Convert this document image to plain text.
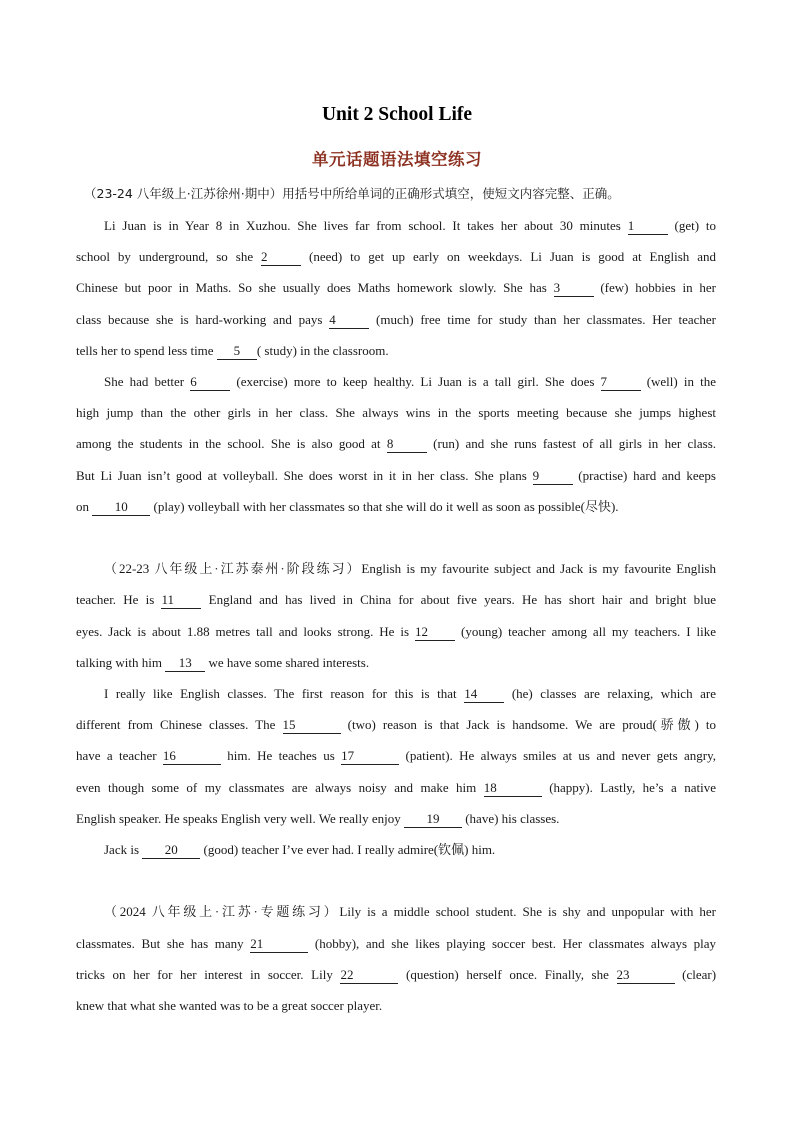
Unit 2 School Life
单元话题语法填空练习
（23-24 八年级上·江苏徐州·期中）用括号中所给单词的正确形式填空，使短文内容完整、正确。
Li Juan is in Year 8 in Xuzhou. She lives far from school. It takes her about 30 minutes 1	(get) to
school by underground, so she 2	(need) to get up early on weekdays. Li Juan is good at English and
Chinese but poor in Maths. So she usually does Maths homework slowly. She has 3	(few) hobbies in her
class because she is hard-working and pays 4	(much) free time for study than her classmates. Her teacher
tells her to spend less time 5 ( study) in the classroom.
She had better 6	(exercise) more to keep healthy. Li Juan is a tall girl. She does 7	(well) in the
high jump than the other girls in her class. She always wins in the sports meeting because she jumps highest
among the students in the school. She is also good at 8	(run) and she runs fastest of all girls in her class.
But Li Juan isn’t good at volleyball. She does worst in it in her class. She plans 9	(practise) hard and keeps
on 10 (play) volleyball with her classmates so that she will do it well as soon as possible(尽快).
（22-23 八年级上·江苏泰州·阶段练习）English is my favourite subject and Jack is my favourite English
teacher. He is 11	England and has lived in China for about five years. He has short hair and bright blue
eyes. Jack is about 1.88 metres tall and looks strong. He is 12	(young) teacher among all my teachers. I like
talking with him 13 we have some shared interests.
I really like English classes. The first reason for this is that 14	(he) classes are relaxing, which are
different from Chinese classes. The 15	(two) reason is that Jack is handsome. We are proud(骄傲) to
have a teacher 16	him. He teaches us 17	(patient). He always smiles at us and never gets angry,
even though some of my classmates are always noisy and make him 18	(happy). Lastly, he’s a native
English speaker. He speaks English very well. We really enjoy 19 (have) his classes.
Jack is 20 (good) teacher I’ve ever had. I really admire(钦佩) him.
（2024 八年级上·江苏·专题练习）Lily is a middle school student. She is shy and unpopular with her
classmates. But she has many 21	(hobby), and she likes playing soccer best. Her classmates always play
tricks on her for her interest in soccer. Lily 22	(question) herself once. Finally, she 23	(clear)
knew that what she wanted was to be a great soccer player.
